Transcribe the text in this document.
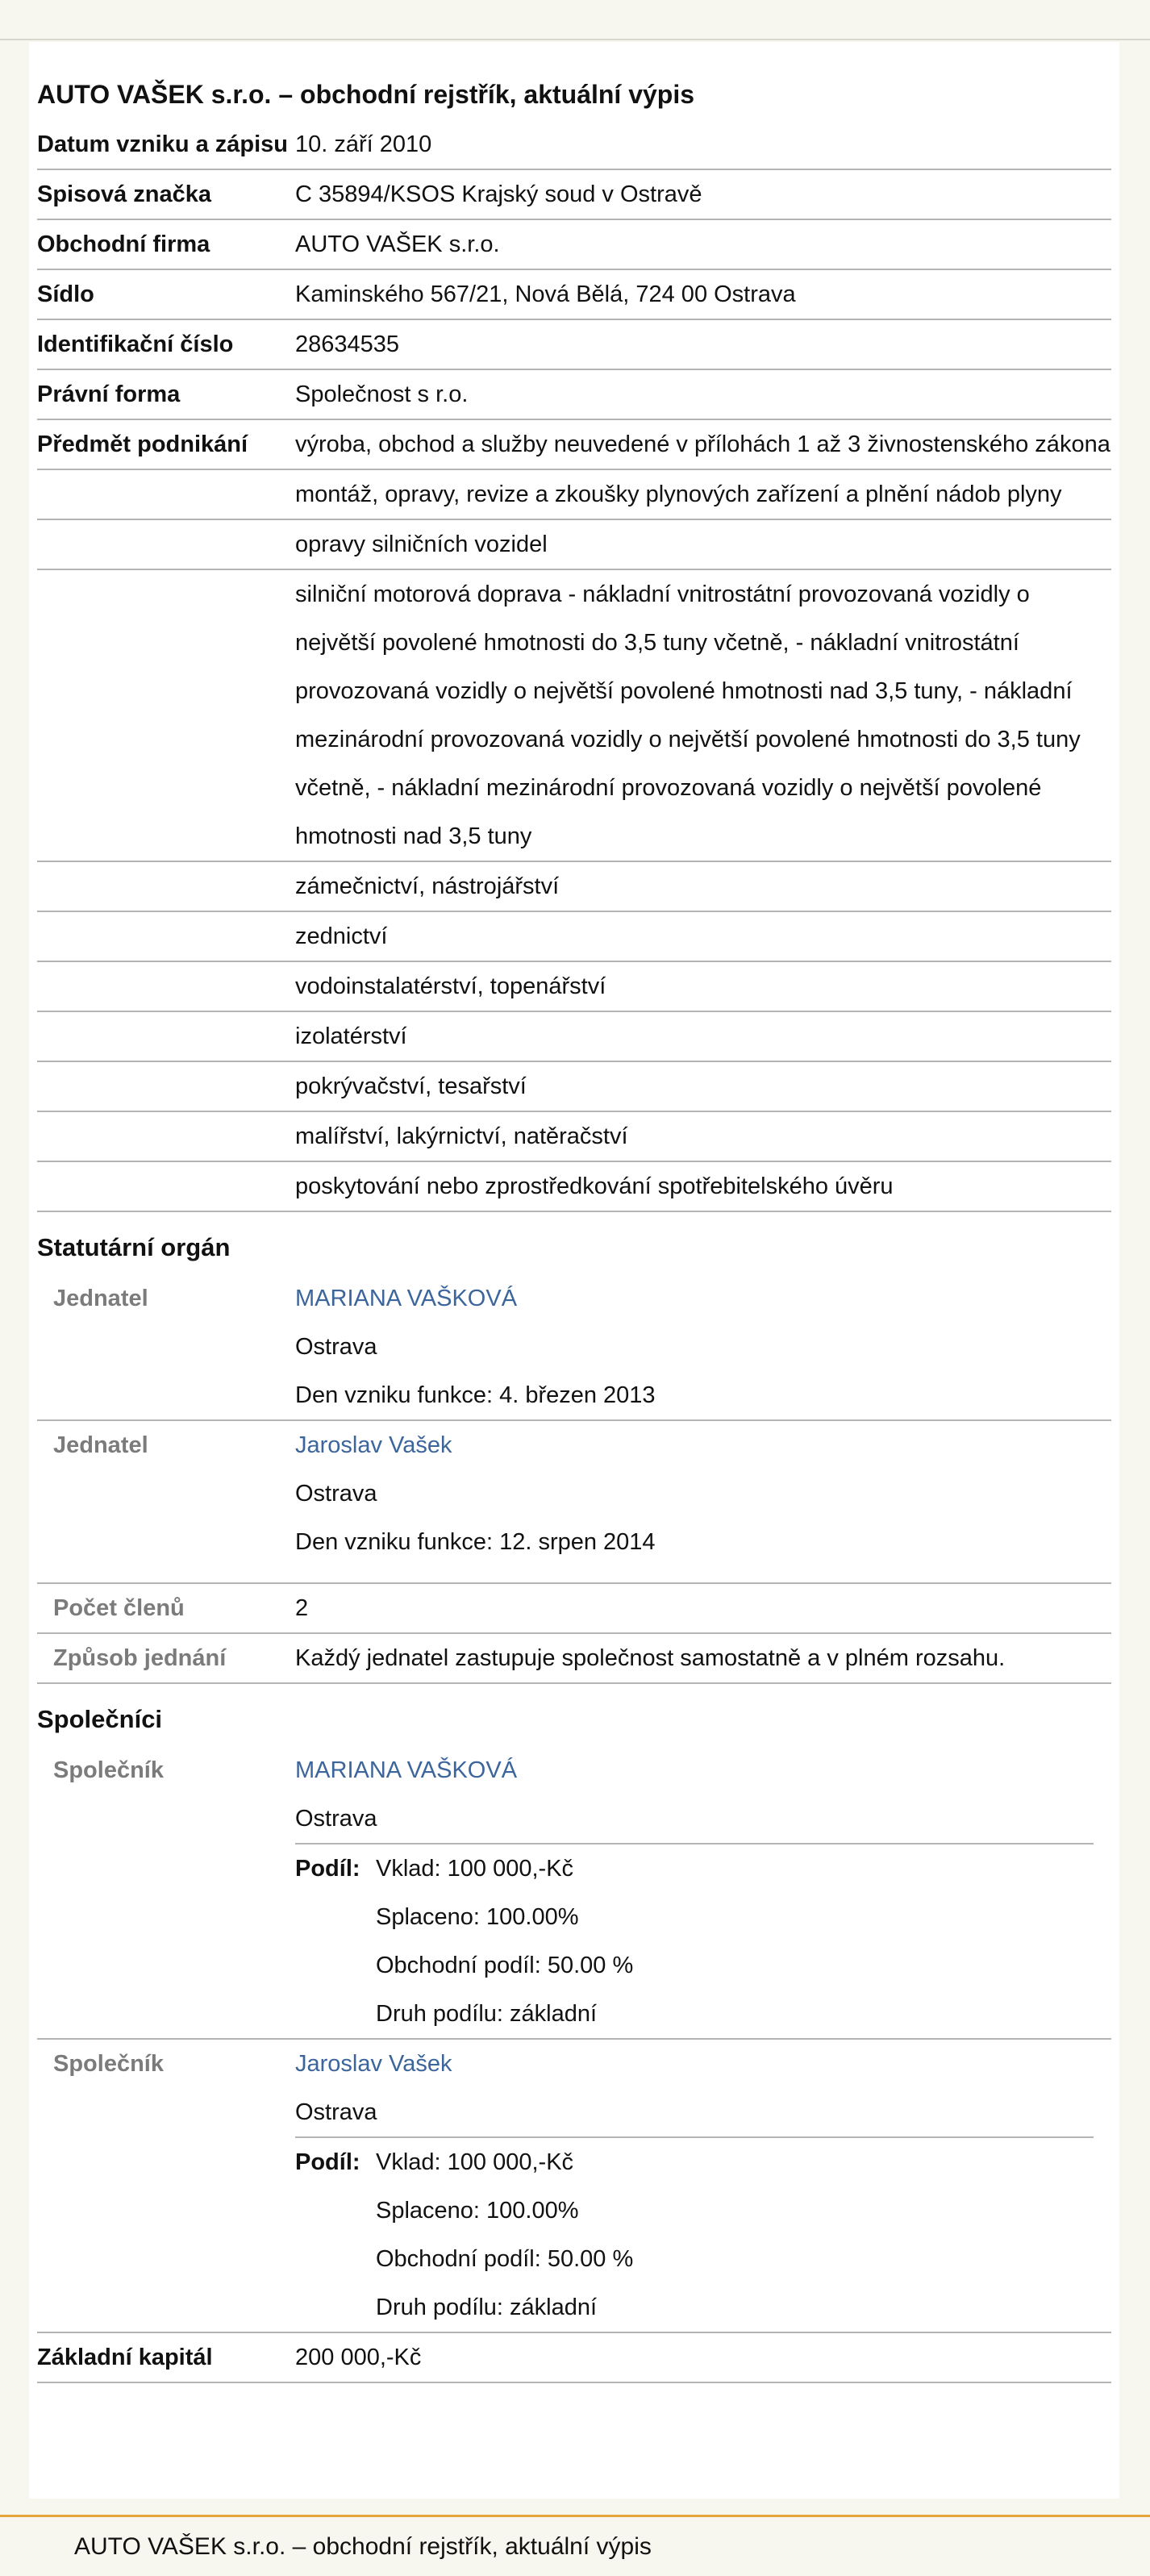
AUTO VAŠEK s.r.o. – obchodní rejstřík, aktuální výpis
Datum vzniku a zápisu 10. září 2010
Spisová značka	C 35894/KSOS Krajský soud v Ostravě
Obchodní firma	AUTO VAŠEK s.r.o.
Sídlo	Kaminského 567/21, Nová Bělá, 724 00 Ostrava
Identifikační číslo	28634535
Právní forma	Společnost s r.o.
Předmět podnikání	výroba, obchod a služby neuvedené v přílohách 1 až 3 živnostenského zákona
montáž, opravy, revize a zkoušky plynových zařízení a plnění nádob plyny
opravy silničních vozidel
silniční motorová doprava - nákladní vnitrostátní provozovaná vozidly o největší povolené hmotnosti do 3,5 tuny včetně, - nákladní vnitrostátní provozovaná vozidly o největší povolené hmotnosti nad 3,5 tuny, - nákladní mezinárodní provozovaná vozidly o největší povolené hmotnosti do 3,5 tuny včetně, - nákladní mezinárodní provozovaná vozidly o největší povolené hmotnosti nad 3,5 tuny
zámečnictví, nástrojářství
zednictví
vodoinstalatérství, topenářství
izolatérství
pokrývačství, tesařství
malířství, lakýrnictví, natěračství
poskytování nebo zprostředkování spotřebitelského úvěru
Statutární orgán
Jednatel	MARIANA VAŠKOVÁ
Ostrava
Den vzniku funkce: 4. březen 2013
Jednatel	Jaroslav Vašek
Ostrava
Den vzniku funkce: 12. srpen 2014
Počet členů	2
Způsob jednání	Každý jednatel zastupuje společnost samostatně a v plném rozsahu.
Společníci
Společník	MARIANA VAŠKOVÁ
Ostrava
Podíl: Vklad: 100 000,-Kč
Splaceno: 100.00%
Obchodní podíl: 50.00 %
Druh podílu: základní
Společník	Jaroslav Vašek
Ostrava
Podíl: Vklad: 100 000,-Kč
Splaceno: 100.00%
Obchodní podíl: 50.00 %
Druh podílu: základní
Základní kapitál	200 000,-Kč
AUTO VAŠEK s.r.o. – obchodní rejstřík, aktuální výpis
